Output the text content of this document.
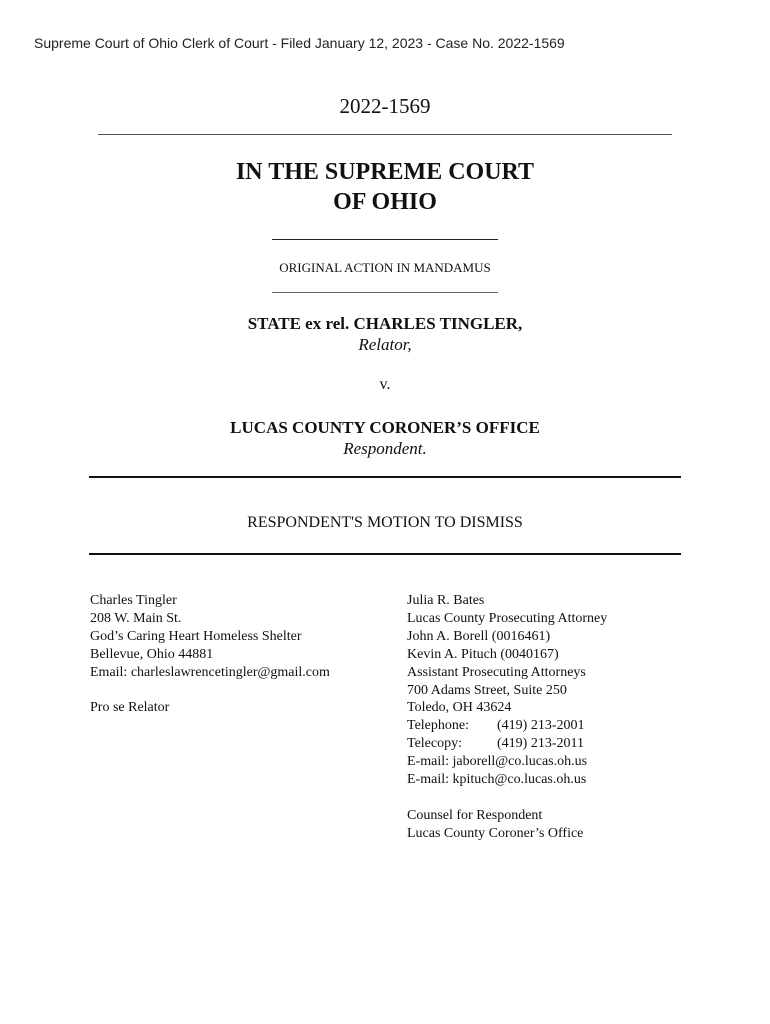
Supreme Court of Ohio Clerk of Court - Filed January 12, 2023 - Case No. 2022-1569
2022-1569
IN THE SUPREME COURT
OF OHIO
ORIGINAL ACTION IN MANDAMUS
STATE ex rel. CHARLES TINGLER,
Relator,
v.
LUCAS COUNTY CORONER’S OFFICE
Respondent.
RESPONDENT'S MOTION TO DISMISS
Charles Tingler
208 W. Main St.
God’s Caring Heart Homeless Shelter
Bellevue, Ohio 44881
Email: charleslawrencetingler@gmail.com
Pro se Relator
Julia R. Bates
Lucas County Prosecuting Attorney
John A. Borell (0016461)
Kevin A. Pituch (0040167)
Assistant Prosecuting Attorneys
700 Adams Street, Suite 250
Toledo, OH 43624
Telephone: (419) 213-2001
Telecopy:	(419) 213-2011
E-mail: jaborell@co.lucas.oh.us
E-mail: kpituch@co.lucas.oh.us
Counsel for Respondent
Lucas County Coroner’s Office
